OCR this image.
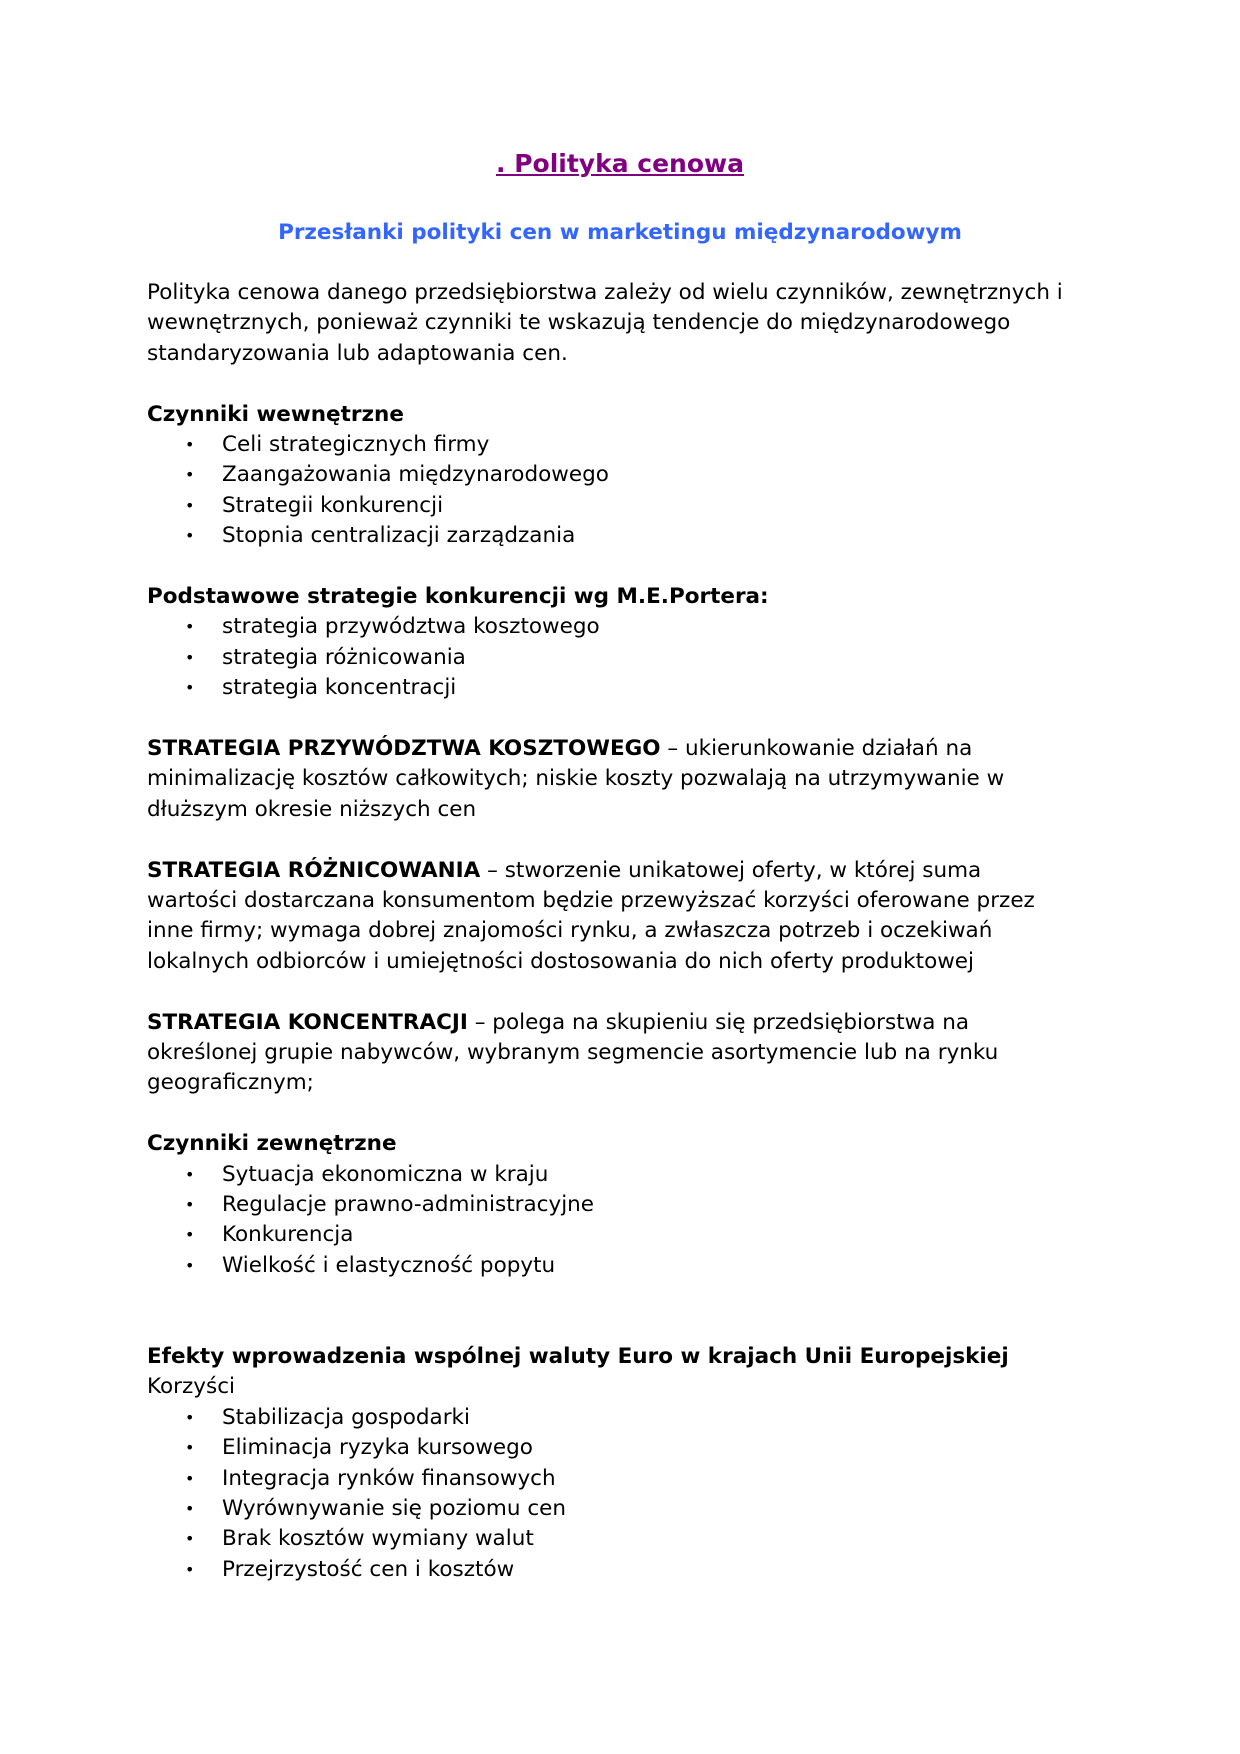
. Polityka cenowa
Przesłanki polityki cen w marketingu międzynarodowym

Polityka cenowa danego przedsiębiorstwa zależy od wielu czynników, zewnętrznych i

wewnętrznych, ponieważ czynniki te wskazują tendencje do międzynarodowego

standaryzowania lub adaptowania cen.

Czynniki wewnętrzne

• Celi strategicznych firmy
• Zaangażowania międzynarodowego
• Strategii konkurencji
• Stopnia centralizacji zarządzania

Podstawowe strategie konkurencji wg M.E.Portera:

• strategia przywództwa kosztowego
• strategia różnicowania
• strategia koncentracji

STRATEGIA PRZYWÓDZTWA KOSZTOWEGO – ukierunkowanie działań na

minimalizację kosztów całkowitych; niskie koszty pozwalają na utrzymywanie w

dłuższym okresie niższych cen

STRATEGIA RÓŻNICOWANIA – stworzenie unikatowej oferty, w której suma

wartości dostarczana konsumentom będzie przewyższać korzyści oferowane przez

inne firmy; wymaga dobrej znajomości rynku, a zwłaszcza potrzeb i oczekiwań

lokalnych odbiorców i umiejętności dostosowania do nich oferty produktowej

STRATEGIA KONCENTRACJI – polega na skupieniu się przedsiębiorstwa na

określonej grupie nabywców, wybranym segmencie asortymencie lub na rynku

geograficznym;

Czynniki zewnętrzne

• Sytuacja ekonomiczna w kraju
• Regulacje prawno-administracyjne
• Konkurencja
• Wielkość i elastyczność popytu

Efekty wprowadzenia wspólnej waluty Euro w krajach Unii Europejskiej

Korzyści

• Stabilizacja gospodarki
• Eliminacja ryzyka kursowego
• Integracja rynków finansowych
• Wyrównywanie się poziomu cen
• Brak kosztów wymiany walut
• Przejrzystość cen i kosztów
